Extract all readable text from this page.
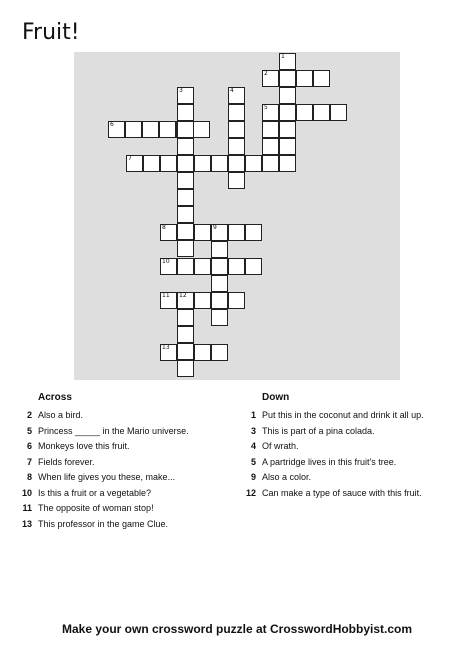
Fruit!
2
5
6
7
8	9
10
11 12
13
1
3	4
Across	Down
2 Also a bird.
5 Princess _____ in the Mario universe.
6 Monkeys love this fruit.
7 Fields forever.
8 When life gives you these, make...
10 Is this a fruit or a vegetable?
11 The opposite of woman stop!
13 This professor in the game Clue.
1 Put this in the coconut and drink it all up.
3 This is part of a pina colada.
4 Of wrath.
5 A partridge lives in this fruit's tree.
9 Also a color.
12 Can make a type of sauce with this fruit.
Make your own crossword puzzle at CrosswordHobbyist.com
